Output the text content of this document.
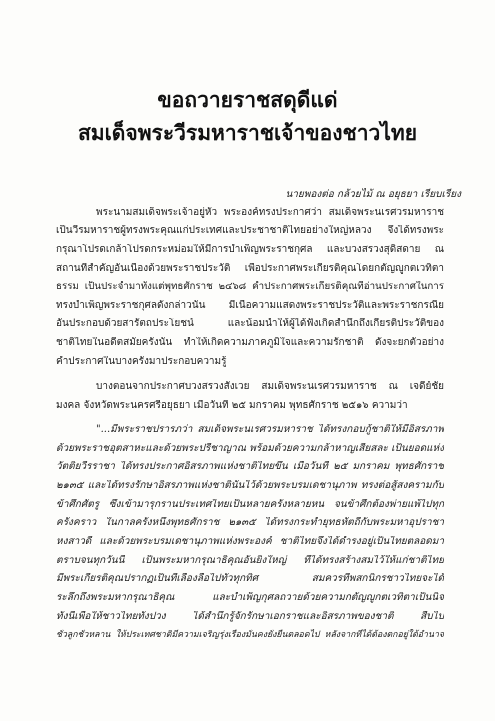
ขอถวายราชสดุดีแด่
สมเด็จพระวีรมหาราชเจ้าของชาวไทย
นายพองต่อ กล้วยไม้ ณ อยุธยา เรียบเรียง
พระนามสมเด็จพระเจ้าอยู่หัว พระองค์ทรงประกาศว่า สมเด็จพระนเรศวรมหาราช
เป็นวีรมหาราชผู้ทรงพระคุณแก่ประเทศและประชาชาติไทยอย่างใหญ่หลวง จึงได้ทรงพระ
กรุณาโปรดเกล้าโปรดกระหม่อมให้มีการบำเพ็ญพระราชกุศล และบวงสรวงสุดิสดาย ณ
สถานที่สำคัญอันเนื่องด้วยพระราชประวัติ เพื่อประกาศพระเกียรติคุณโดยกตัญญูกตเวทิตา
ธรรม เป็นประจำมาทั้งแต่พุทธศักราช ๒๔๖๘ คำประกาศพระเกียรติคุณที่อ่านประกาศในการ
ทรงบำเพ็ญพระราชกุศลดังกล่าวนั้น มีเนื้อความแสดงพระราชประวัติและพระราชกรณีย
อันประกอบด้วยสารัตถประโยชน์ และน้อมนำให้ผู้ได้ฟังเกิดสำนึกถึงเกียรติประวัติของ
ชาติไทยในอดีตสมัยครั้งนั้น ทำให้เกิดความภาคภูมิใจและความรักชาติ ดังจะยกตัวอย่าง
คำประกาศในบางครั้งมาประกอบความรู้
บางตอนจากประกาศบวงสรวงสังเวย สมเด็จพระนเรศวรมหาราช ณ เจดีย์ชัย
มงคล จังหวัดพระนครศรีอยุธยา เมื่อวันที่ ๒๕ มกราคม พุทธศักราช ๒๕๑๖ ความว่า
"...มีพระราชปรารภว่า สมเด็จพระนเรศวรมหาราช ได้ทรงกอบกู้ชาติให้มีอิสรภาพ
ด้วยพระราชอุตสาหะและด้วยพระปรีชาญาณ พร้อมด้วยความกล้าหาญเสียสละ เป็นยอดแห่ง
วัตติยวีรราชา ได้ทรงประกาศอิสรภาพแห่งชาติไทยขึ้น เมื่อวันที่ ๒๕ มกราคม พุทธศักราช
๒๑๓๕ และได้ทรงรักษาอิสรภาพแห่งชาตินั้นไว้ด้วยพระบรมเดชานุภาพ ทรงต่อสู้สงครามกับ
ข้าศึกศัตรู ซึ่งเข้ามารุกรานประเทศไทยเป็นหลายครั้งหลายหน จนข้าศึกต้องพ่ายแพ้ไปทุก
ครั้งคราว ในกาลครั้งหนึ่งพุทธศักราช ๒๑๓๕ ได้ทรงกระทำยุทธหัตถีกับพระมหาอุปราชา
หงสาวดี และด้วยพระบรมเดชานุภาพแห่งพระองค์ ชาติไทยจึงได้ดำรงอยู่เป็นไทยตลอดมา
ตราบจนทุกวันนี้ เป็นพระมหากรุณาธิคุณอันยิ่งใหญ่ ที่ได้ทรงสร้างสมไว้ให้แก่ชาติไทย
มีพระเกียรติคุณปรากฏเป็นที่เลื่องลือไปทั่วทุกทิศ สมควรที่พสกนิกรชาวไทยจะได้
ระลึกถึงพระมหากรุณาธิคุณ และบำเพ็ญกุศลถวายด้วยความกตัญญูกตเวทิตาเป็นนิจ
ทั้งนี้เพื่อให้ชาวไทยทั้งปวง ได้สำนึกรู้จักรักษาเอกราชและอิสรภาพของชาติ สืบไป
ชั่วลูกชั่วหลาน ให้ประเทศชาติมีความเจริญรุ่งเรืองมั่นคงยั่งยืนตลอดไป หลังจากที่ได้ต้องตกอยู่ใต้อำนาจ
